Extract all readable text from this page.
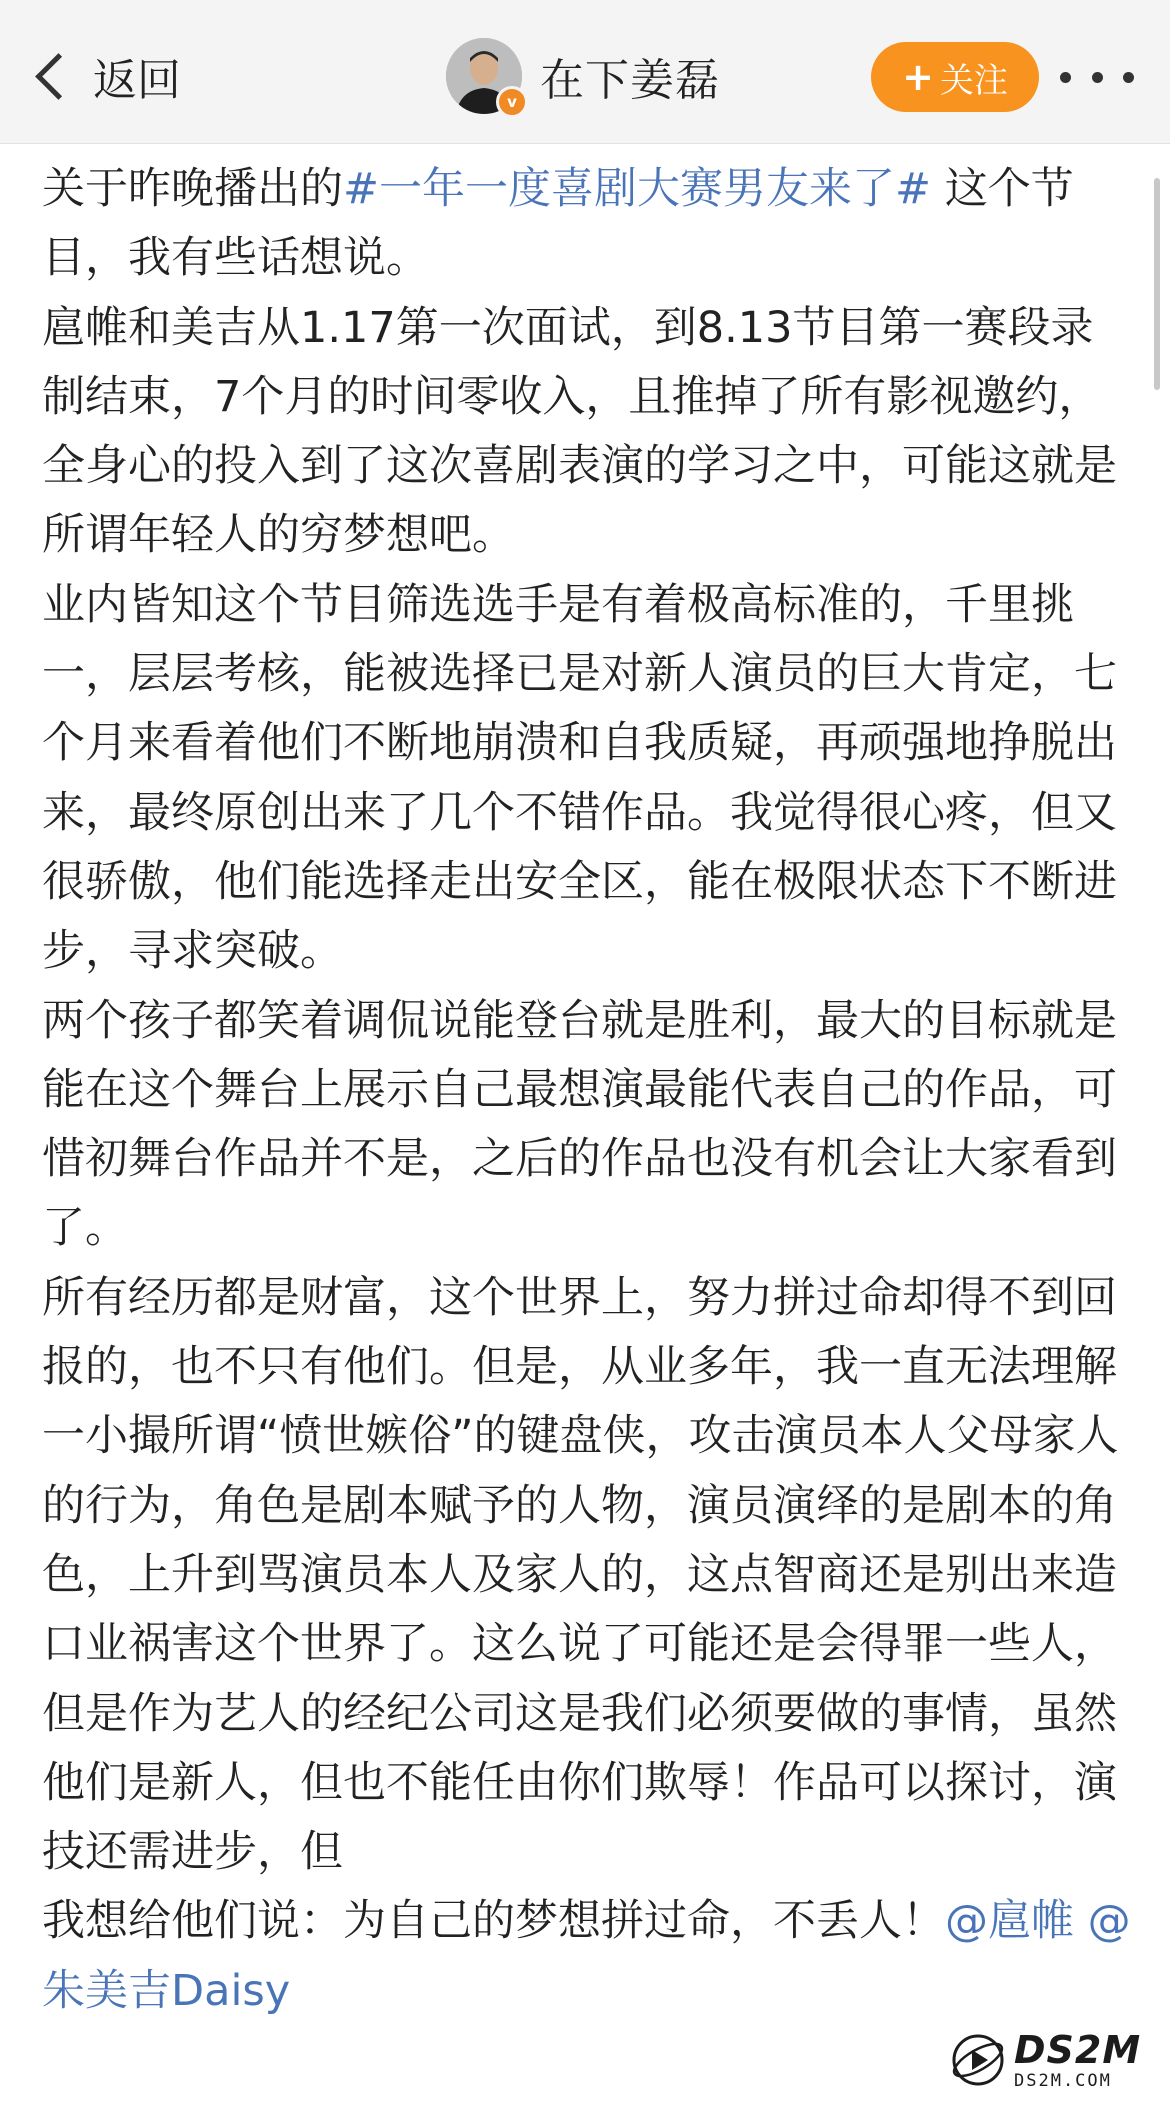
返回	v 在下姜磊	+ 关注

关于昨晚播出的#一年一度喜剧大赛男友来了# 这个节目，我有些话想说。

扈帷和美吉从1.17第一次面试，到8.13节目第一赛段录制结束，7个月的时间零收入，且推掉了所有影视邀约，全身心的投入到了这次喜剧表演的学习之中，可能这就是所谓年轻人的穷梦想吧。

业内皆知这个节目筛选选手是有着极高标准的，千里挑一，层层考核，能被选择已是对新人演员的巨大肯定，七个月来看着他们不断地崩溃和自我质疑，再顽强地挣脱出来，最终原创出来了几个不错作品。我觉得很心疼，但又很骄傲，他们能选择走出安全区，能在极限状态下不断进步，寻求突破。

两个孩子都笑着调侃说能登台就是胜利，最大的目标就是能在这个舞台上展示自己最想演最能代表自己的作品，可惜初舞台作品并不是，之后的作品也没有机会让大家看到了。

所有经历都是财富，这个世界上，努力拼过命却得不到回报的，也不只有他们。但是，从业多年，我一直无法理解一小撮所谓“愤世嫉俗”的键盘侠，攻击演员本人父母家人的行为，角色是剧本赋予的人物，演员演绎的是剧本的角色，上升到骂演员本人及家人的，这点智商还是别出来造口业祸害这个世界了。这么说了可能还是会得罪一些人，但是作为艺人的经纪公司这是我们必须要做的事情，虽然他们是新人，但也不能任由你们欺辱！作品可以探讨，演技还需进步，但

我想给他们说：为自己的梦想拼过命，不丢人！@扈帷 @朱美吉Daisy

DS2M
DS2M.COM
